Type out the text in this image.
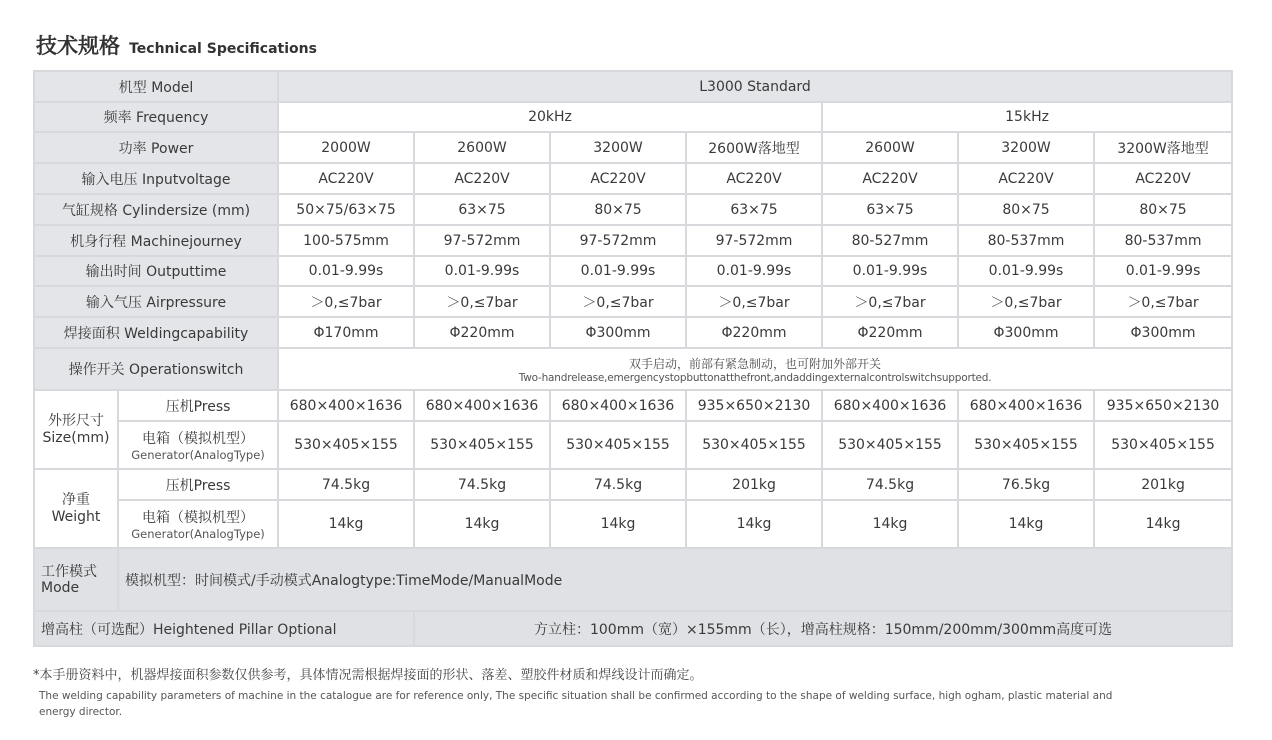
技术规格 Technical Specifications
机型 Model		L3000 Standard						
频率 Frequency		20kHz				15kHz		
功率 Power		2000W	2600W	3200W	2600W落地型	2600W	3200W	3200W落地型
输入电压 Inputvoltage		AC220V	AC220V	AC220V	AC220V	AC220V	AC220V	AC220V
气缸规格 Cylindersize (mm)		50×75/63×75	63×75	80×75	63×75	63×75	80×75	80×75
机身行程 Machinejourney		100-575mm	97-572mm	97-572mm	97-572mm	80-527mm	80-537mm	80-537mm
输出时间 Outputtime		0.01-9.99s	0.01-9.99s	0.01-9.99s	0.01-9.99s	0.01-9.99s	0.01-9.99s	0.01-9.99s
输入气压 Airpressure		＞0,≤7bar	＞0,≤7bar	＞0,≤7bar	＞0,≤7bar	＞0,≤7bar	＞0,≤7bar	＞0,≤7bar
焊接面积 Weldingcapability		Φ170mm	Φ220mm	Φ300mm	Φ220mm	Φ220mm	Φ300mm	Φ300mm
操作开关 Operationswitch		双手启动，前部有紧急制动，也可附加外部开关
Two-handrelease,emergencystopbuttonatthefront,andaddingexternalcontrolswitchsupported.						

外形尺寸
Size(mm)	压机Press	680×400×1636	680×400×1636	680×400×1636	935×650×2130	680×400×1636	680×400×1636	935×650×2130

	电箱（模拟机型）
Generator(AnalogType)	530×405×155	530×405×155	530×405×155	530×405×155	530×405×155	530×405×155	530×405×155

净重
Weight	压机Press	74.5kg	74.5kg	74.5kg	201kg	74.5kg	76.5kg	201kg

	电箱（模拟机型）
Generator(AnalogType)	14kg	14kg	14kg	14kg	14kg	14kg	14kg

工作模式
Mode	模拟机型：时间模式/手动模式Analogtype:TimeMode/ManualMode							
增高柱（可选配）Heightened Pillar Optional			方立柱：100mm（宽）×155mm（长），增高柱规格：150mm/200mm/300mm高度可选					
*本手册资料中，机器焊接面积参数仅供参考，具体情况需根据焊接面的形状、落差、塑胶件材质和焊线设计而确定。
The welding capability parameters of machine in the catalogue are for reference only, The specific situation shall be confirmed according to the shape of welding surface, high ogham, plastic material and energy director.
